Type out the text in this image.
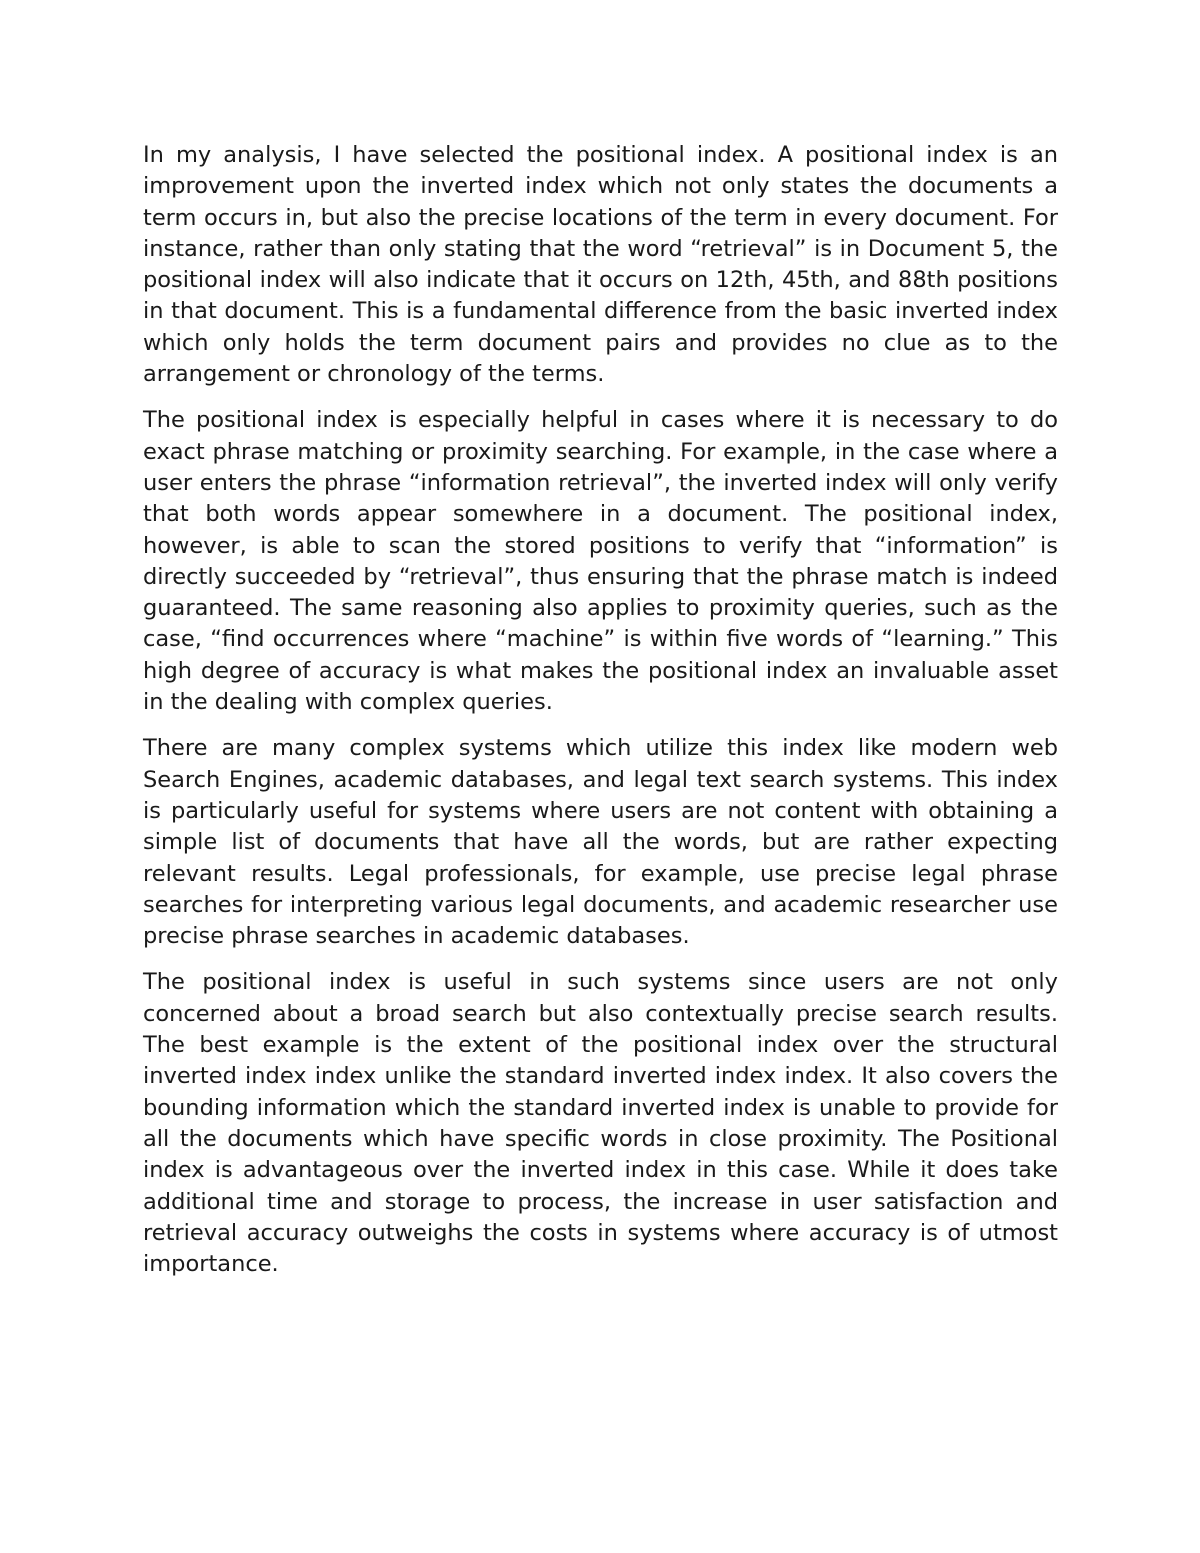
In my analysis, I have selected the positional index. A positional index is an improvement upon the inverted index which not only states the documents a term occurs in, but also the precise locations of the term in every document. For instance, rather than only stating that the word “retrieval” is in Document 5, the positional index will also indicate that it occurs on 12th, 45th, and 88th positions in that document. This is a fundamental difference from the basic inverted index which only holds the term document pairs and provides no clue as to the arrangement or chronology of the terms.

The positional index is especially helpful in cases where it is necessary to do exact phrase matching or proximity searching. For example, in the case where a user enters the phrase “information retrieval”, the inverted index will only verify that both words appear somewhere in a document. The positional index, however, is able to scan the stored positions to verify that “information” is directly succeeded by “retrieval”, thus ensuring that the phrase match is indeed guaranteed. The same reasoning also applies to proximity queries, such as the case, “find occurrences where “machine” is within five words of “learning.” This high degree of accuracy is what makes the positional index an invaluable asset in the dealing with complex queries.

There are many complex systems which utilize this index like modern web Search Engines, academic databases, and legal text search systems. This index is particularly useful for systems where users are not content with obtaining a simple list of documents that have all the words, but are rather expecting relevant results. Legal professionals, for example, use precise legal phrase searches for interpreting various legal documents, and academic researcher use precise phrase searches in academic databases.

The positional index is useful in such systems since users are not only concerned about a broad search but also contextually precise search results. The best example is the extent of the positional index over the structural inverted index index unlike the standard inverted index index. It also covers the bounding information which the standard inverted index is unable to provide for all the documents which have specific words in close proximity. The Positional index is advantageous over the inverted index in this case. While it does take additional time and storage to process, the increase in user satisfaction and retrieval accuracy outweighs the costs in systems where accuracy is of utmost importance.
